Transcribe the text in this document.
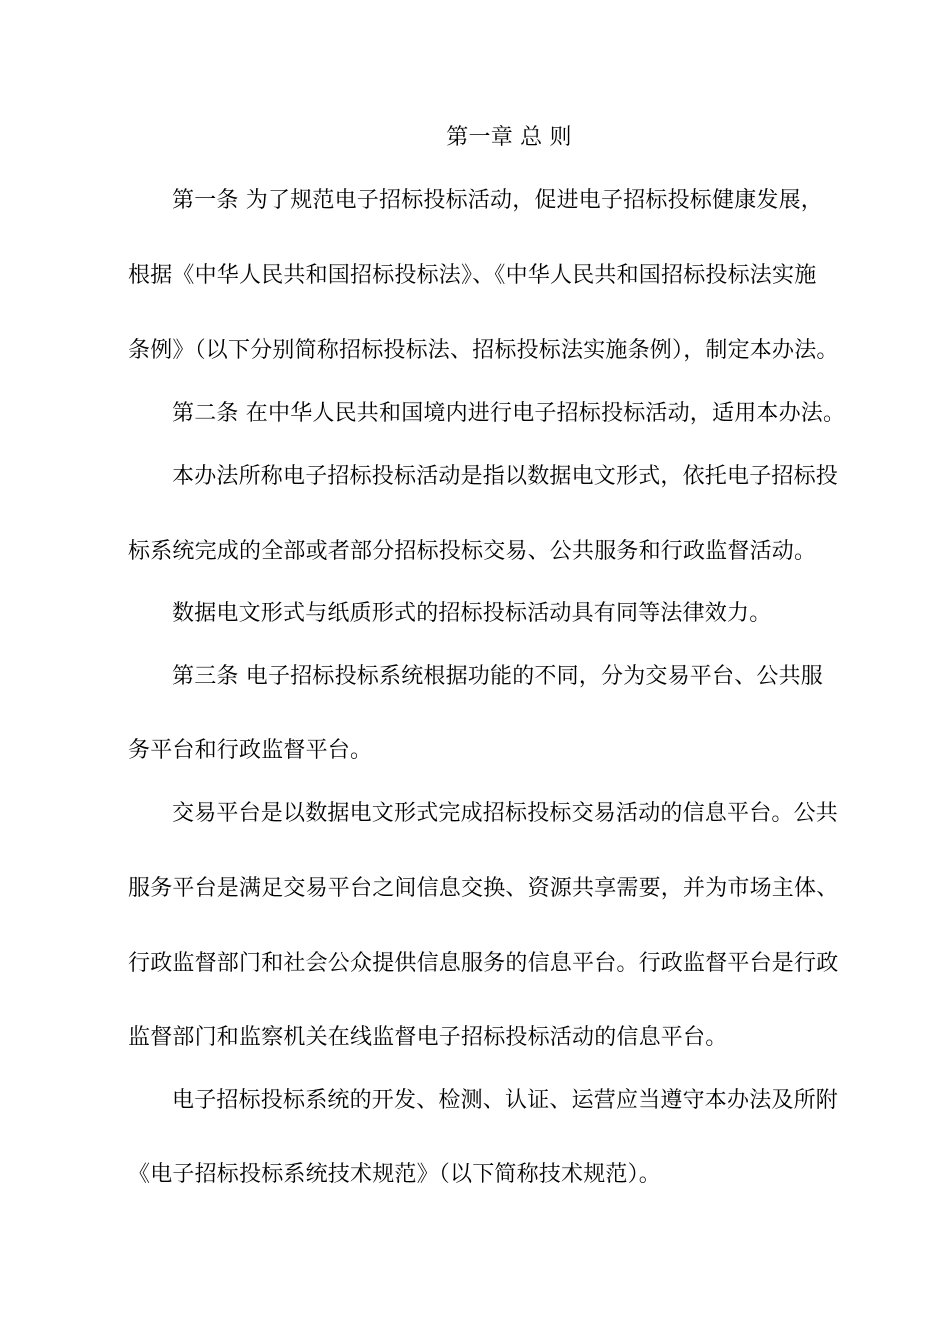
第一章 总 则
第一条 为了规范电子招标投标活动，促进电子招标投标健康发展，
根据《中华人民共和国招标投标法》、《中华人民共和国招标投标法实施
条例》（以下分别简称招标投标法、招标投标法实施条例），制定本办法。
第二条 在中华人民共和国境内进行电子招标投标活动，适用本办法。
本办法所称电子招标投标活动是指以数据电文形式，依托电子招标投
标系统完成的全部或者部分招标投标交易、公共服务和行政监督活动。
数据电文形式与纸质形式的招标投标活动具有同等法律效力。
第三条 电子招标投标系统根据功能的不同，分为交易平台、公共服
务平台和行政监督平台。
交易平台是以数据电文形式完成招标投标交易活动的信息平台。公共
服务平台是满足交易平台之间信息交换、资源共享需要，并为市场主体、
行政监督部门和社会公众提供信息服务的信息平台。行政监督平台是行政
监督部门和监察机关在线监督电子招标投标活动的信息平台。
电子招标投标系统的开发、检测、认证、运营应当遵守本办法及所附
《电子招标投标系统技术规范》（以下简称技术规范）。
